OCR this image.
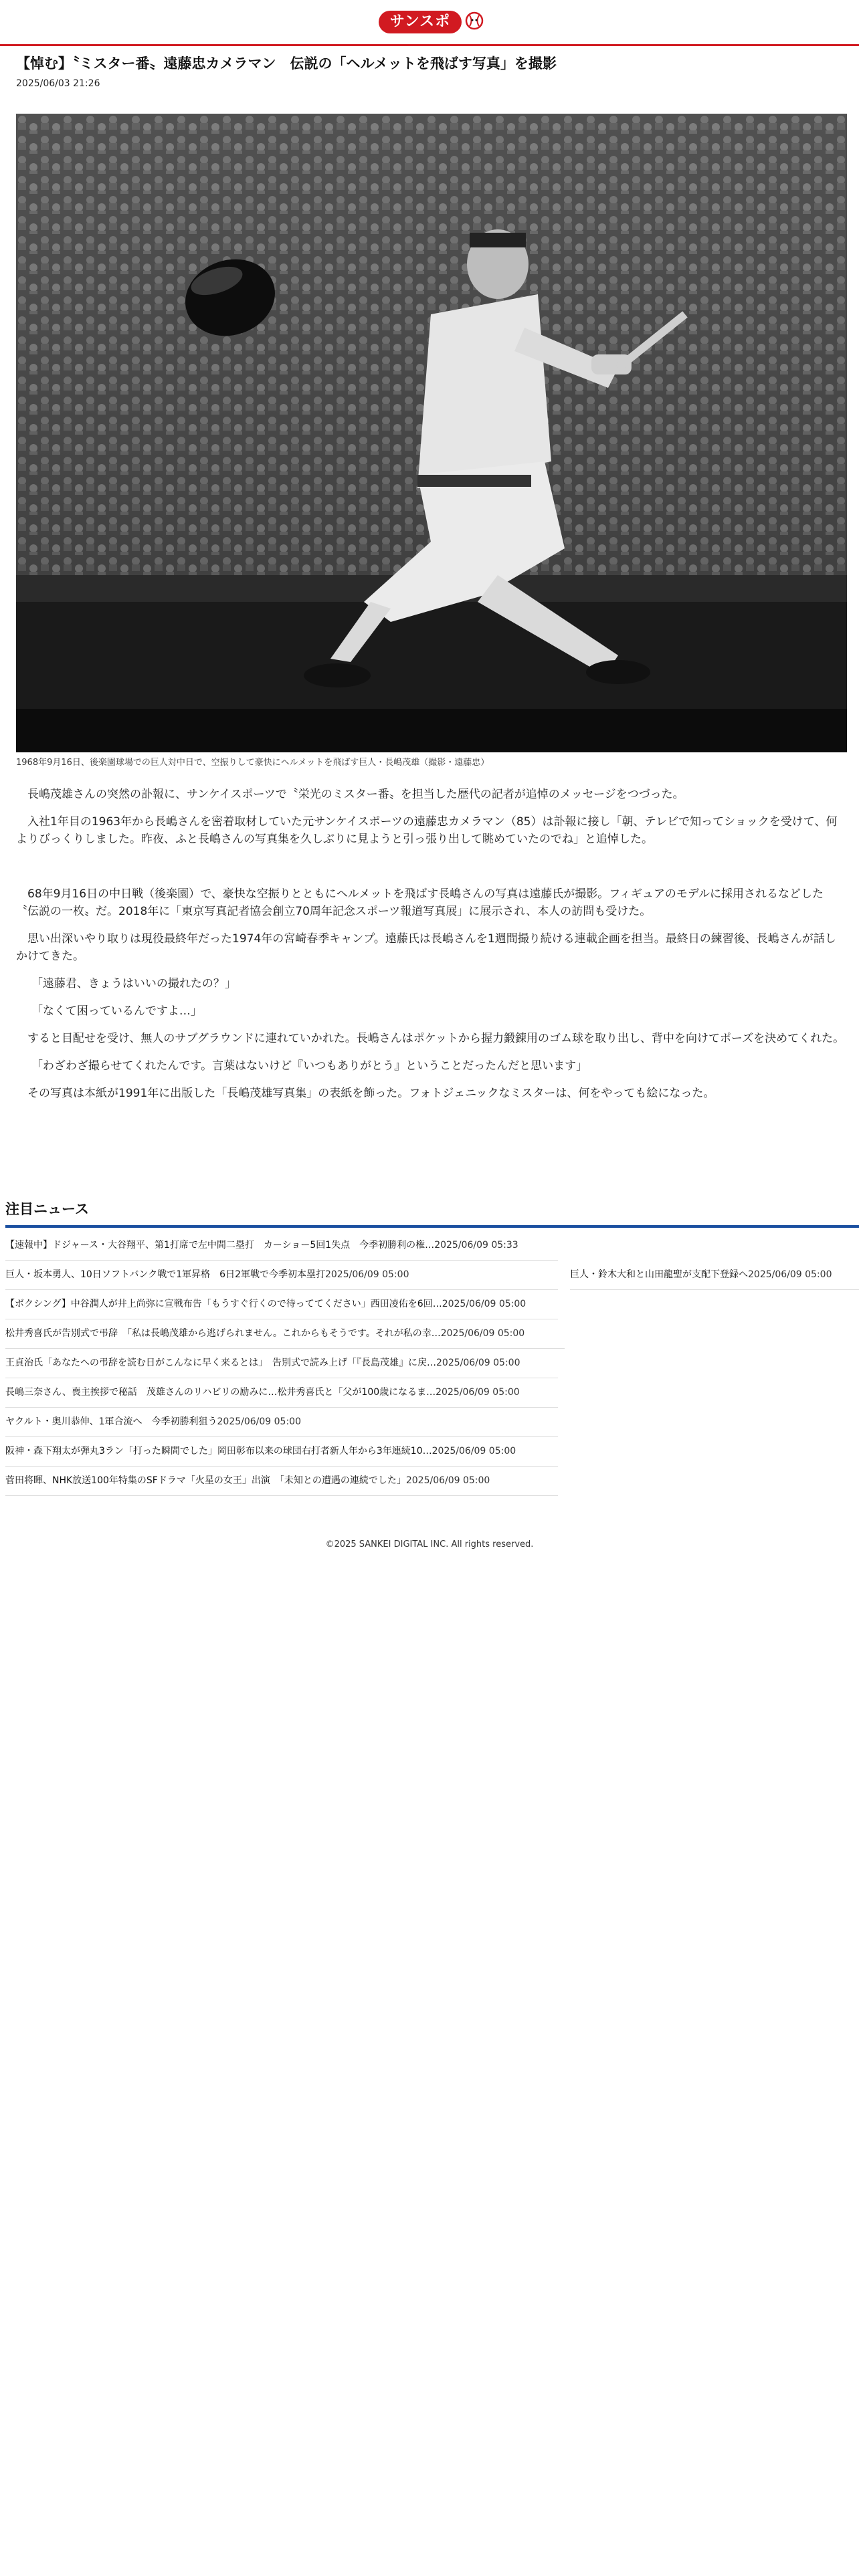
サンスポ
【悼む】〝ミスター番〟遠藤忠カメラマン　伝説の「ヘルメットを飛ばす写真」を撮影
2025/06/03 21:26
1968年9月16日、後楽園球場での巨人対中日で、空振りして豪快にヘルメットを飛ばす巨人・長嶋茂雄（撮影・遠藤忠）

長嶋茂雄さんの突然の訃報に、サンケイスポーツで〝栄光のミスター番〟を担当した歴代の記者が追悼のメッセージをつづった。

入社1年目の1963年から長嶋さんを密着取材していた元サンケイスポーツの遠藤忠カメラマン（85）は訃報に接し「朝、テレビで知ってショックを受けて、何よりびっくりしました。昨夜、ふと長嶋さんの写真集を久しぶりに見ようと引っ張り出して眺めていたのでね」と追悼した。

68年9月16日の中日戦（後楽園）で、豪快な空振りとともにヘルメットを飛ばす長嶋さんの写真は遠藤氏が撮影。フィギュアのモデルに採用されるなどした〝伝説の一枚〟だ。2018年に「東京写真記者協会創立70周年記念スポーツ報道写真展」に展示され、本人の訪問も受けた。

思い出深いやり取りは現役最終年だった1974年の宮崎春季キャンプ。遠藤氏は長嶋さんを1週間撮り続ける連載企画を担当。最終日の練習後、長嶋さんが話しかけてきた。

「遠藤君、きょうはいいの撮れたの？」

「なくて困っているんですよ…」

すると目配せを受け、無人のサブグラウンドに連れていかれた。長嶋さんはポケットから握力鍛錬用のゴム球を取り出し、背中を向けてポーズを決めてくれた。

「わざわざ撮らせてくれたんです。言葉はないけど『いつもありがとう』ということだったんだと思います」

その写真は本紙が1991年に出版した「長嶋茂雄写真集」の表紙を飾った。フォトジェニックなミスターは、何をやっても絵になった。

注目ニュース
【速報中】ドジャース・大谷翔平、第1打席で左中間二塁打　カーショー5回1失点　今季初勝利の権…2025/06/09 05:33
巨人・鈴木大和と山田龍聖が支配下登録へ2025/06/09 05:00
巨人・坂本勇人、10日ソフトバンク戦で1軍昇格　6日2軍戦で今季初本塁打2025/06/09 05:00
【ボクシング】中谷潤人が井上尚弥に宣戦布告「もうすぐ行くので待っててください」西田凌佑を6回…2025/06/09 05:00
松井秀喜氏が告別式で弔辞　「私は長嶋茂雄から逃げられません。これからもそうです。それが私の幸…2025/06/09 05:00
王貞治氏「あなたへの弔辞を読む日がこんなに早く来るとは」　告別式で読み上げ「『長島茂雄』に戻…2025/06/09 05:00
長嶋三奈さん、喪主挨拶で秘話　茂雄さんのリハビリの励みに…松井秀喜氏と「父が100歳になるま…2025/06/09 05:00
ヤクルト・奥川恭伸、1軍合流へ　今季初勝利狙う2025/06/09 05:00
阪神・森下翔太が弾丸3ラン「打った瞬間でした」岡田彰布以来の球団右打者新人年から3年連続10…2025/06/09 05:00
菅田将暉、NHK放送100年特集のSFドラマ「火星の女王」出演　「未知との遭遇の連続でした」2025/06/09 05:00
©2025 SANKEI DIGITAL INC. All rights reserved.
